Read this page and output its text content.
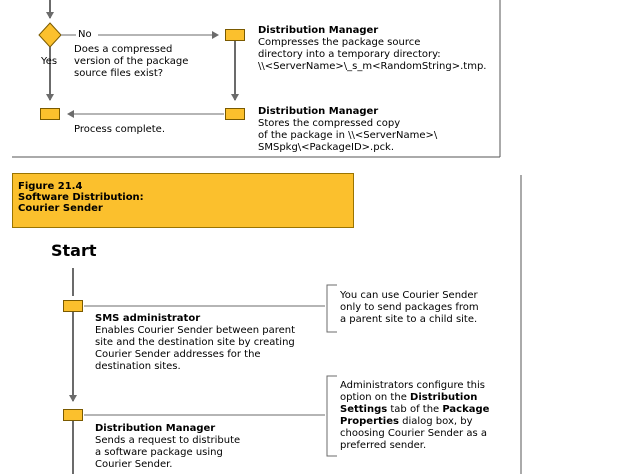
No
Yes
Does a compressed
version of the package
source files exist?
Process complete.
Distribution Manager
Compresses the package source
directory into a temporary directory:
\\<ServerName>\_s_m<RandomString>.tmp.
Distribution Manager
Stores the compressed copy
of the package in \\<ServerName>\
SMSpkg\<PackageID>.pck.
Figure 21.4
Software Distribution:
Courier Sender
Start
SMS administrator
Enables Courier Sender between parent
site and the destination site by creating
Courier Sender addresses for the
destination sites.
You can use Courier Sender
only to send packages from
a parent site to a child site.
Administrators configure this
option on the Distribution
Settings tab of the Package
Properties dialog box, by
choosing Courier Sender as a
preferred sender.
Distribution Manager
Sends a request to distribute
a software package using
Courier Sender.
